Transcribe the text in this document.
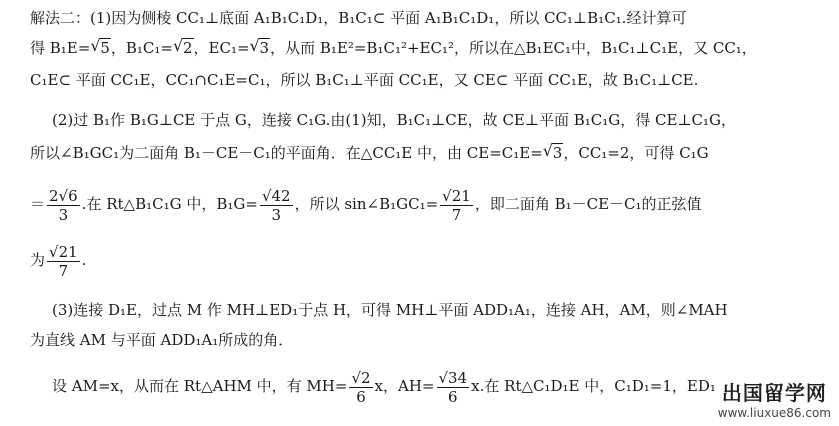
解法二：(1)因为侧棱 CC₁⊥底面 A₁B₁C₁D₁，B₁C₁⊂ 平面 A₁B₁C₁D₁，所以 CC₁⊥B₁C₁.经计算可
得 B₁E= √ 5，B₁C₁= √ 2，EC₁= √ 3，从而 B₁E²=B₁C₁²+EC₁²，所以在△B₁EC₁中，B₁C₁⊥C₁E，又 CC₁，
C₁E⊂ 平面 CC₁E，CC₁∩C₁E=C₁，所以 B₁C₁⊥平面 CC₁E，又 CE⊂ 平面 CC₁E，故 B₁C₁⊥CE.
(2)过 B₁作 B₁G⊥CE 于点 G，连接 C₁G.由(1)知，B₁C₁⊥CE，故 CE⊥平面 B₁C₁G，得 CE⊥C₁G，
所以∠B₁GC₁为二面角 B₁－CE－C₁的平面角．在△CC₁E 中，由 CE=C₁E= √ 3，CC₁=2，可得 C₁G
＝ $\frac{2√6}{3}$ .在 Rt△B₁C₁G 中，$B_1G= \frac{√42}{3}$ ，所以 sin∠B₁GC₁= $\frac{√21}{7}$ ，即二面角 B₁－CE－C₁的正弦值
为 $\frac{√21}{7}$ .
(3)连接 D₁E，过点 M 作 MH⊥ED₁于点 H，可得 MH⊥平面 ADD₁A₁，连接 AH，AM，则∠MAH
为直线 AM 与平面 ADD₁A₁所成的角．
设 AM=x，从而在 Rt△AHM 中，有 $MH= \frac{√2}{6}$ x，$AH= \frac{√34}{6} x$.在 Rt△C₁D₁E 中，C₁D₁=1，ED₁ 出国留学网
www.liuxue86.com
